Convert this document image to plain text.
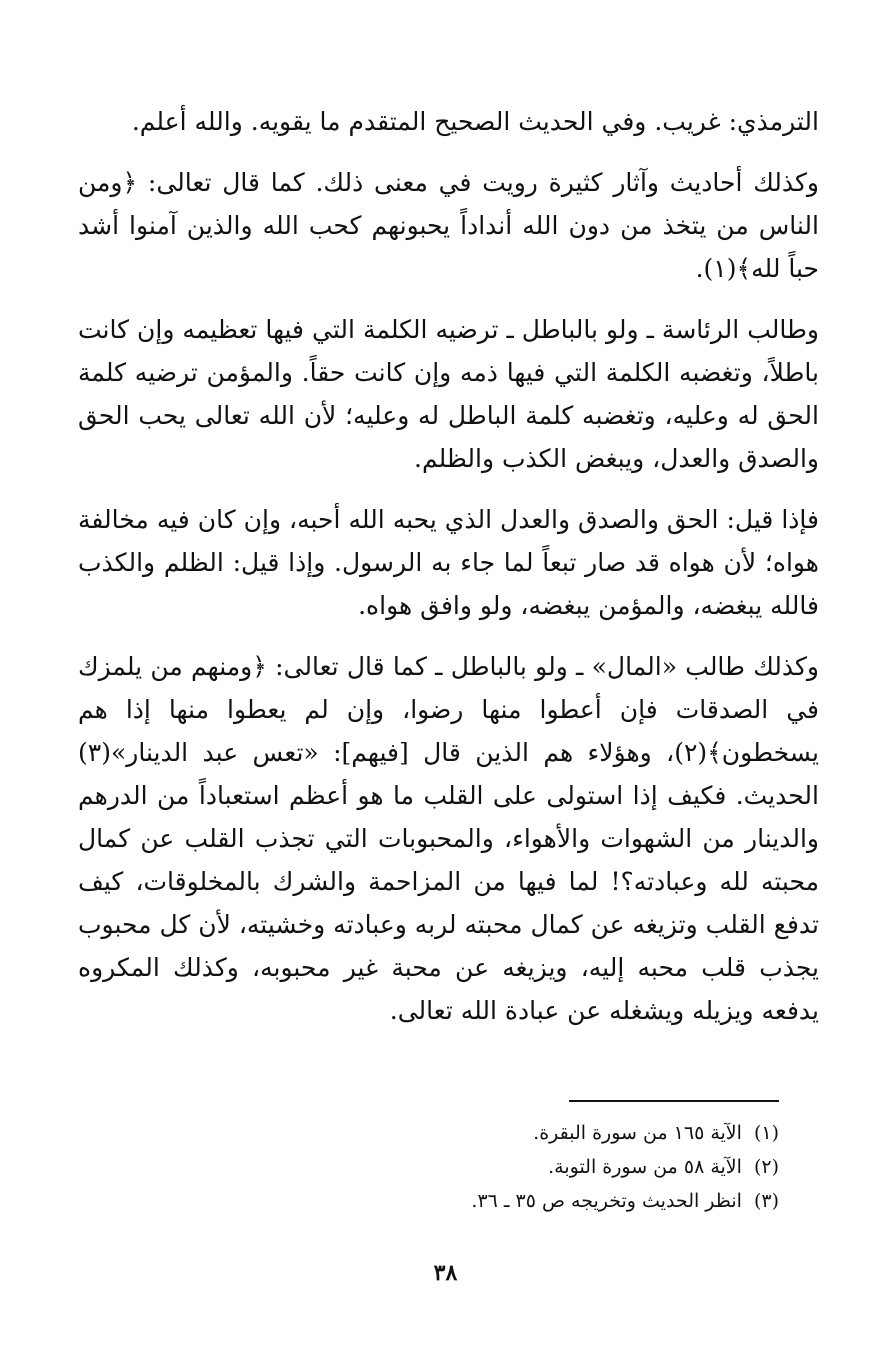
الترمذي: غريب. وفي الحديث الصحيح المتقدم ما يقويه. والله أعلم.

وكذلك أحاديث وآثار كثيرة رويت في معنى ذلك. كما قال تعالى: ﴿ومن الناس من يتخذ من دون الله أنداداً يحبونهم كحب الله والذين آمنوا أشد حباً لله﴾(١).

وطالب الرئاسة ـ ولو بالباطل ـ ترضيه الكلمة التي فيها تعظيمه وإن كانت باطلاً، وتغضبه الكلمة التي فيها ذمه وإن كانت حقاً. والمؤمن ترضيه كلمة الحق له وعليه، وتغضبه كلمة الباطل له وعليه؛ لأن الله تعالى يحب الحق والصدق والعدل، ويبغض الكذب والظلم.

فإذا قيل: الحق والصدق والعدل الذي يحبه الله أحبه، وإن كان فيه مخالفة هواه؛ لأن هواه قد صار تبعاً لما جاء به الرسول. وإذا قيل: الظلم والكذب فالله يبغضه، والمؤمن يبغضه، ولو وافق هواه.

وكذلك طالب «المال» ـ ولو بالباطل ـ كما قال تعالى: ﴿ومنهم من يلمزك في الصدقات فإن أعطوا منها رضوا، وإن لم يعطوا منها إذا هم يسخطون﴾(٢)، وهؤلاء هم الذين قال [فيهم]: «تعس عبد الدينار»(٣) الحديث. فكيف إذا استولى على القلب ما هو أعظم استعباداً من الدرهم والدينار من الشهوات والأهواء، والمحبوبات التي تجذب القلب عن كمال محبته لله وعبادته؟! لما فيها من المزاحمة والشرك بالمخلوقات، كيف تدفع القلب وتزيغه عن كمال محبته لربه وعبادته وخشيته، لأن كل محبوب يجذب قلب محبه إليه، ويزيغه عن محبة غير محبوبه، وكذلك المكروه يدفعه ويزيله ويشغله عن عبادة الله تعالى.

(١)
الآية ١٦٥ من سورة البقرة.
(٢)
الآية ٥٨ من سورة التوبة.
(٣)
انظر الحديث وتخريجه ص ٣٥ ـ ٣٦.
٣٨
